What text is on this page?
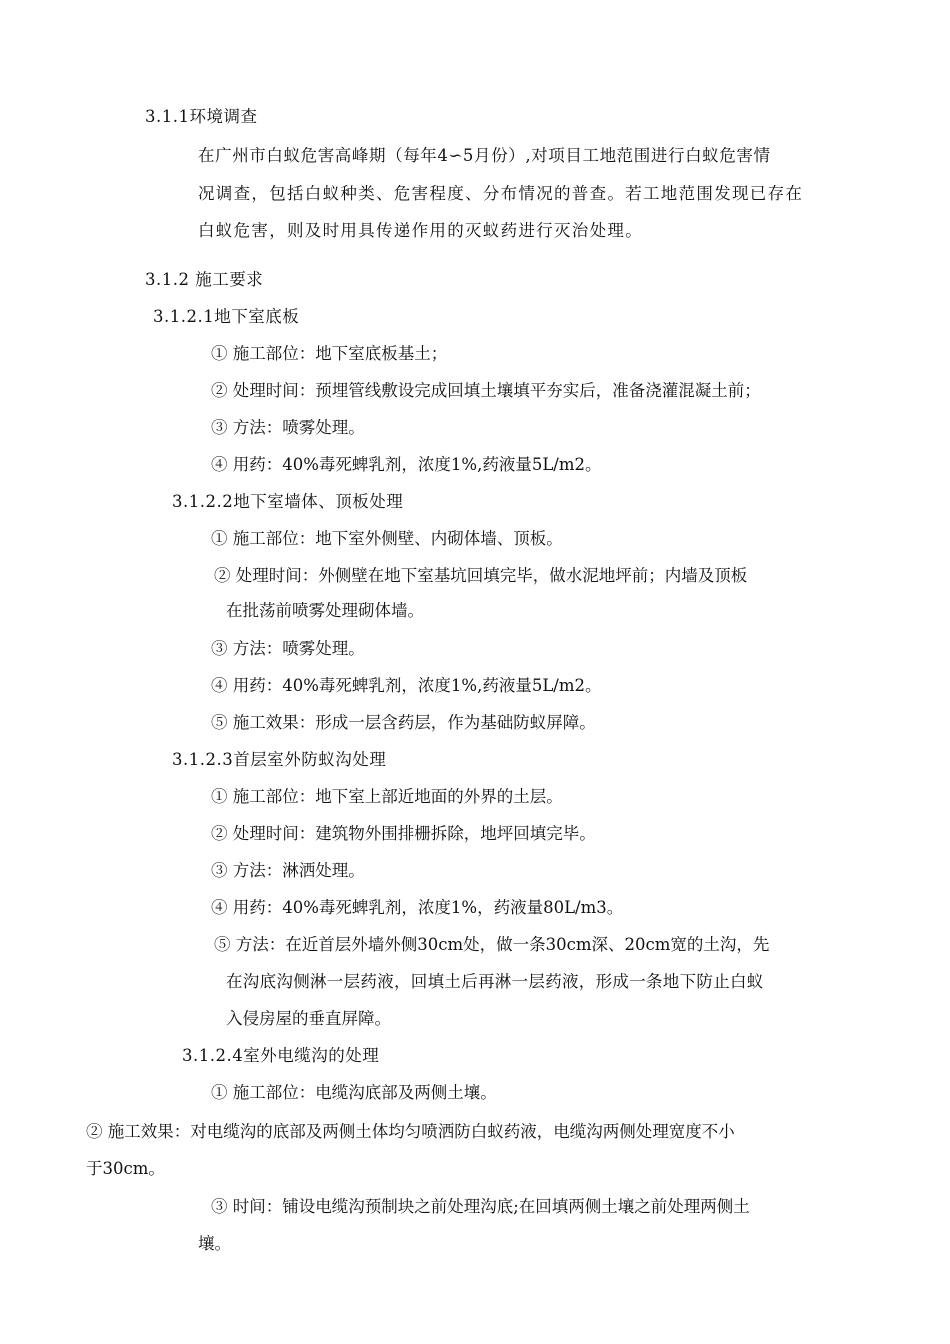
3.1.1环境调查
在广州市白蚁危害高峰期（每年4∽5月份）,对项目工地范围进行白蚁危害情
况调查，包括白蚁种类、危害程度、分布情况的普查。若工地范围发现已存在
白蚁危害，则及时用具传递作用的灭蚁药进行灭治处理。
3.1.2 施工要求
3.1.2.1地下室底板
① 施工部位：地下室底板基土；
② 处理时间：预埋管线敷设完成回填土壤填平夯实后，准备浇灌混凝土前；
③ 方法：喷雾处理。
④ 用药：40%毒死蜱乳剂，浓度1%,药液量5L/m2。
3.1.2.2地下室墙体、顶板处理
① 施工部位：地下室外侧壁、内砌体墙、顶板。
② 处理时间：外侧壁在地下室基坑回填完毕，做水泥地坪前；内墙及顶板
在批荡前喷雾处理砌体墙。
③ 方法：喷雾处理。
④ 用药：40%毒死蜱乳剂，浓度1%,药液量5L/m2。
⑤ 施工效果：形成一层含药层，作为基础防蚁屏障。
3.1.2.3首层室外防蚁沟处理
① 施工部位：地下室上部近地面的外界的土层。
② 处理时间：建筑物外围排栅拆除，地坪回填完毕。
③ 方法：淋洒处理。
④ 用药：40%毒死蜱乳剂，浓度1%，药液量80L/m3。
⑤ 方法：在近首层外墙外侧30cm处，做一条30cm深、20cm宽的土沟，先
在沟底沟侧淋一层药液，回填土后再淋一层药液，形成一条地下防止白蚁
入侵房屋的垂直屏障。
3.1.2.4室外电缆沟的处理
① 施工部位：电缆沟底部及两侧土壤。
② 施工效果：对电缆沟的底部及两侧土体均匀喷洒防白蚁药液，电缆沟两侧处理宽度不小
于30cm。
③ 时间：铺设电缆沟预制块之前处理沟底;在回填两侧土壤之前处理两侧土
壤。
